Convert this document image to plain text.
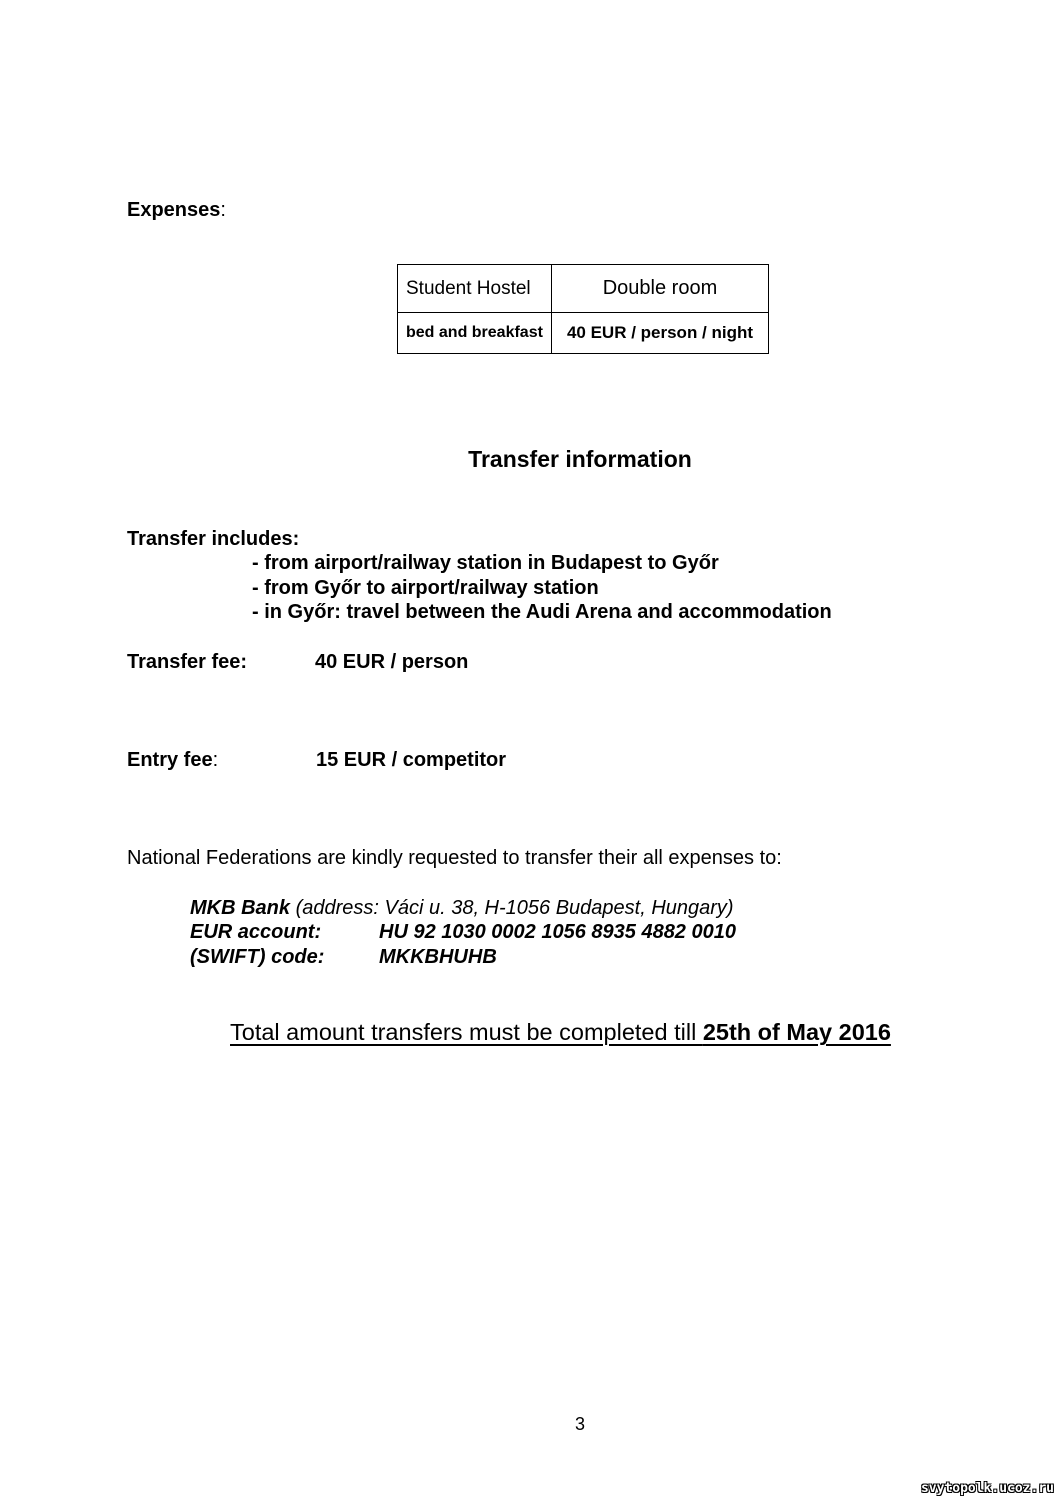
Expenses:
Student Hostel	Double room
bed and breakfast	40 EUR / person / night
Transfer information
Transfer includes:
- from airport/railway station in Budapest to Győr
- from Győr to airport/railway station
- in Győr: travel between the Audi Arena and accommodation
Transfer fee:	40 EUR / person
Entry fee:	15 EUR / competitor
National Federations are kindly requested to transfer their all expenses to:
MKB Bank (address: Váci u. 38, H-1056 Budapest, Hungary)
EUR account:	HU 92 1030 0002 1056 8935 4882 0010
(SWIFT) code:	MKKBHUHB
Total amount transfers must be completed till 25th of May 2016
3
svytopolk.ucoz.ru
